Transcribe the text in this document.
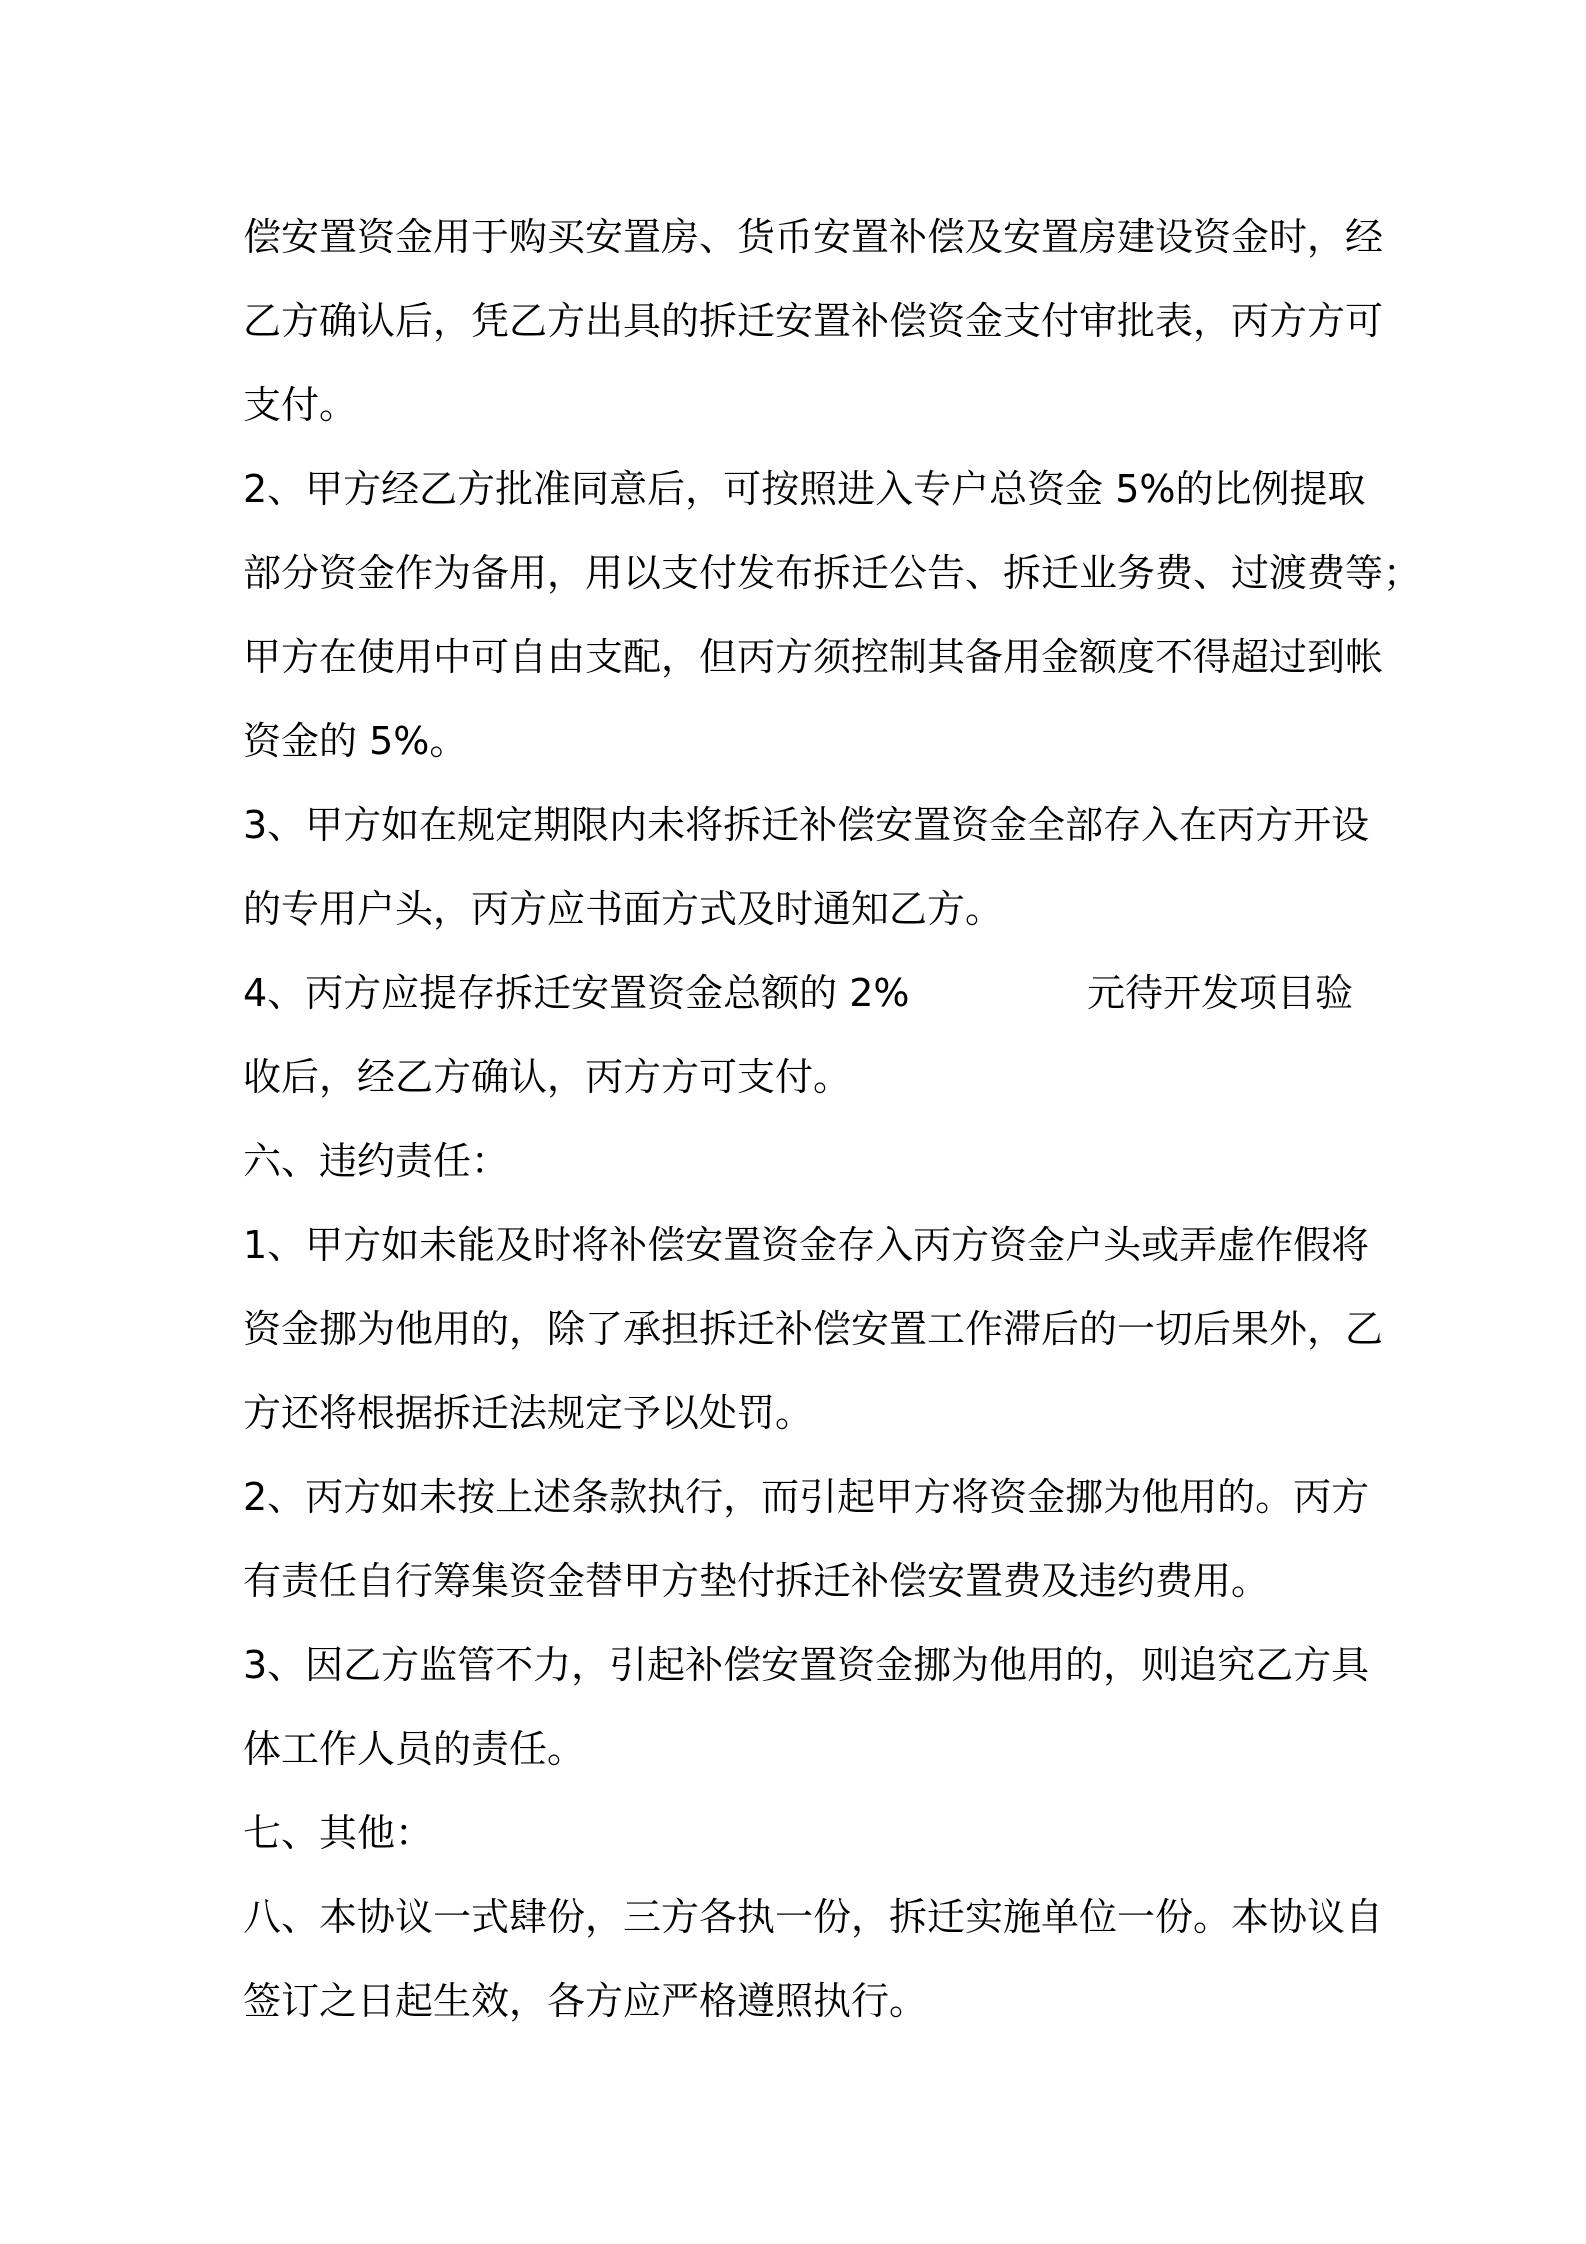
偿安置资金用于购买安置房、货币安置补偿及安置房建设资金时，经
乙方确认后，凭乙方出具的拆迁安置补偿资金支付审批表，丙方方可
支付。
2、甲方经乙方批准同意后，可按照进入专户总资金 5%的比例提取
部分资金作为备用，用以支付发布拆迁公告、拆迁业务费、过渡费等；
甲方在使用中可自由支配，但丙方须控制其备用金额度不得超过到帐
资金的 5%。
3、甲方如在规定期限内未将拆迁补偿安置资金全部存入在丙方开设
的专用户头，丙方应书面方式及时通知乙方。
4、丙方应提存拆迁安置资金总额的 2%	元待开发项目验
收后，经乙方确认，丙方方可支付。
六、违约责任：
1、甲方如未能及时将补偿安置资金存入丙方资金户头或弄虚作假将
资金挪为他用的，除了承担拆迁补偿安置工作滞后的一切后果外，乙
方还将根据拆迁法规定予以处罚。
2、丙方如未按上述条款执行，而引起甲方将资金挪为他用的。丙方
有责任自行筹集资金替甲方垫付拆迁补偿安置费及违约费用。
3、因乙方监管不力，引起补偿安置资金挪为他用的，则追究乙方具
体工作人员的责任。
七、其他：
八、本协议一式肆份，三方各执一份，拆迁实施单位一份。本协议自
签订之日起生效，各方应严格遵照执行。
